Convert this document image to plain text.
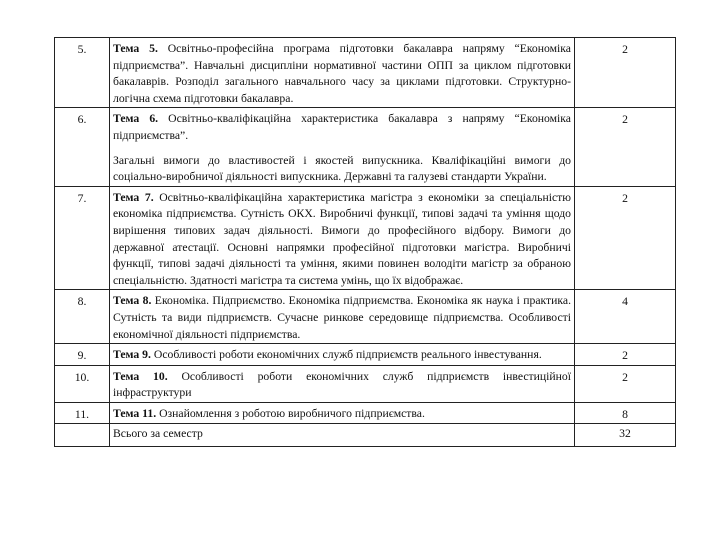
5.	Тема 5. Освітньо-професійна програма підготовки бакалавра напряму “Економіка підприємства”. Навчальні дисципліни нормативної частини ОПП за циклом підготовки бакалаврів. Розподіл загального навчального часу за циклами підготовки. Структурно-логічна схема підготовки бакалавра.	2
6.	Тема 6. Освітньо-кваліфікаційна характеристика бакалавра з напряму “Економіка підприємства”.
Загальні вимоги до властивостей і якостей випускника. Кваліфікаційні вимоги до соціально-виробничої діяльності випускника. Державні та галузеві стандарти України.	2
7.	Тема 7. Освітньо-кваліфікаційна характеристика магістра з економіки за спеціальністю економіка підприємства. Сутність ОКХ. Виробничі функції, типові задачі та уміння щодо вирішення типових задач діяльності. Вимоги до професійного відбору. Вимоги до державної атестації. Основні напрямки професійної підготовки магістра. Виробничі функції, типові задачі діяльності та уміння, якими повинен володіти магістр за обраною спеціальністю. Здатності магістра та система умінь, що їх відображає.	2
8.	Тема 8. Економіка. Підприємство. Економіка підприємства. Економіка як наука і практика. Сутність та види підприємств. Сучасне ринкове середовище підприємства. Особливості економічної діяльності підприємства.	4
9.	Тема 9. Особливості роботи економічних служб підприємств реального інвестування.	2
10.	Тема 10. Особливості роботи економічних служб підприємств інвестиційної інфраструктури	2
11.	Тема 11. Ознайомлення з роботою виробничого підприємства.	8
	Всього за семестр	32
